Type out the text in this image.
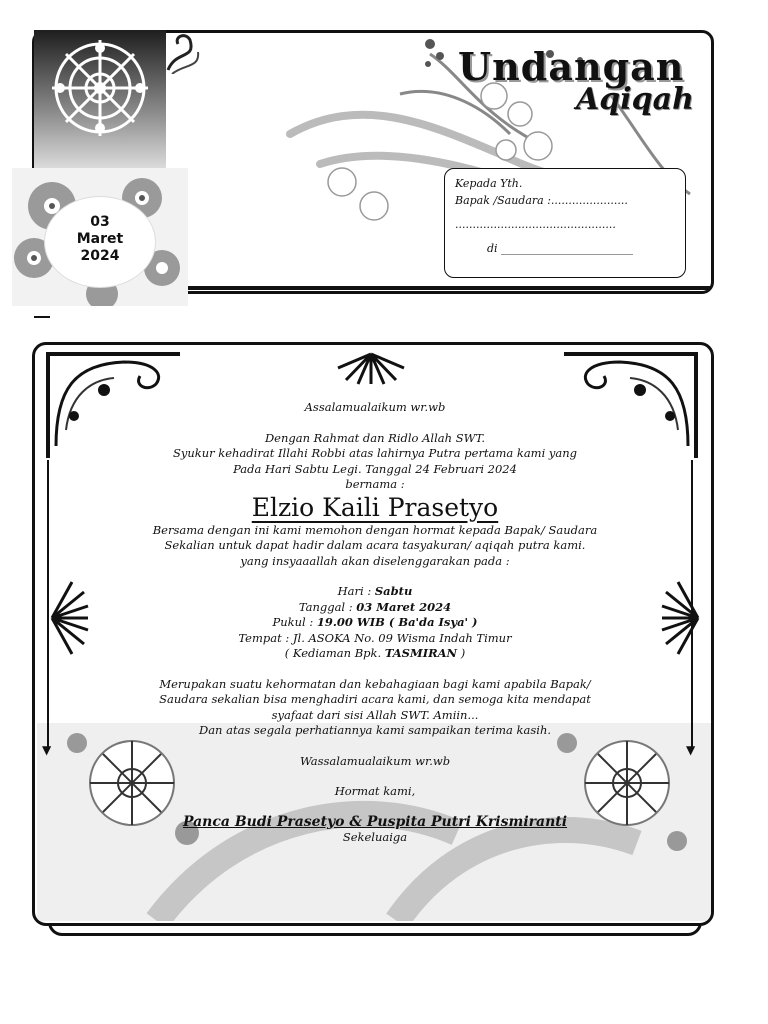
Undangan
Aqiqah
Kepada Yth.
Bapak /Saudara :......................
..............................................
di ________________________
03
Maret
2024
▼	▼

Assalamualaikum wr.wb

Dengan Rahmat dan Ridlo Allah SWT.

Syukur kehadirat Illahi Robbi atas lahirnya Putra pertama kami yang

Pada Hari Sabtu Legi. Tanggal 24 Februari 2024

bernama :

Elzio Kaili Prasetyo

Bersama dengan ini kami memohon dengan hormat kepada Bapak/ Saudara

Sekalian untuk dapat hadir dalam acara tasyakuran/ aqiqah putra kami.

yang insyaaallah akan diselenggarakan pada :

Hari : Sabtu

Tanggal : 03 Maret 2024

Pukul : 19.00 WIB ( Ba'da Isya' )

Tempat : Jl. ASOKA No. 09 Wisma Indah Timur

( Kediaman Bpk. TASMIRAN )

Merupakan suatu kehormatan dan kebahagiaan bagi kami apabila Bapak/

Saudara sekalian bisa menghadiri acara kami, dan semoga kita mendapat

syafaat dari sisi Allah SWT. Amiin...

Dan atas segala perhatiannya kami sampaikan terima kasih.

Wassalamualaikum wr.wb

Hormat kami,

Panca Budi Prasetyo & Puspita Putri Krismiranti

Sekeluaiga
